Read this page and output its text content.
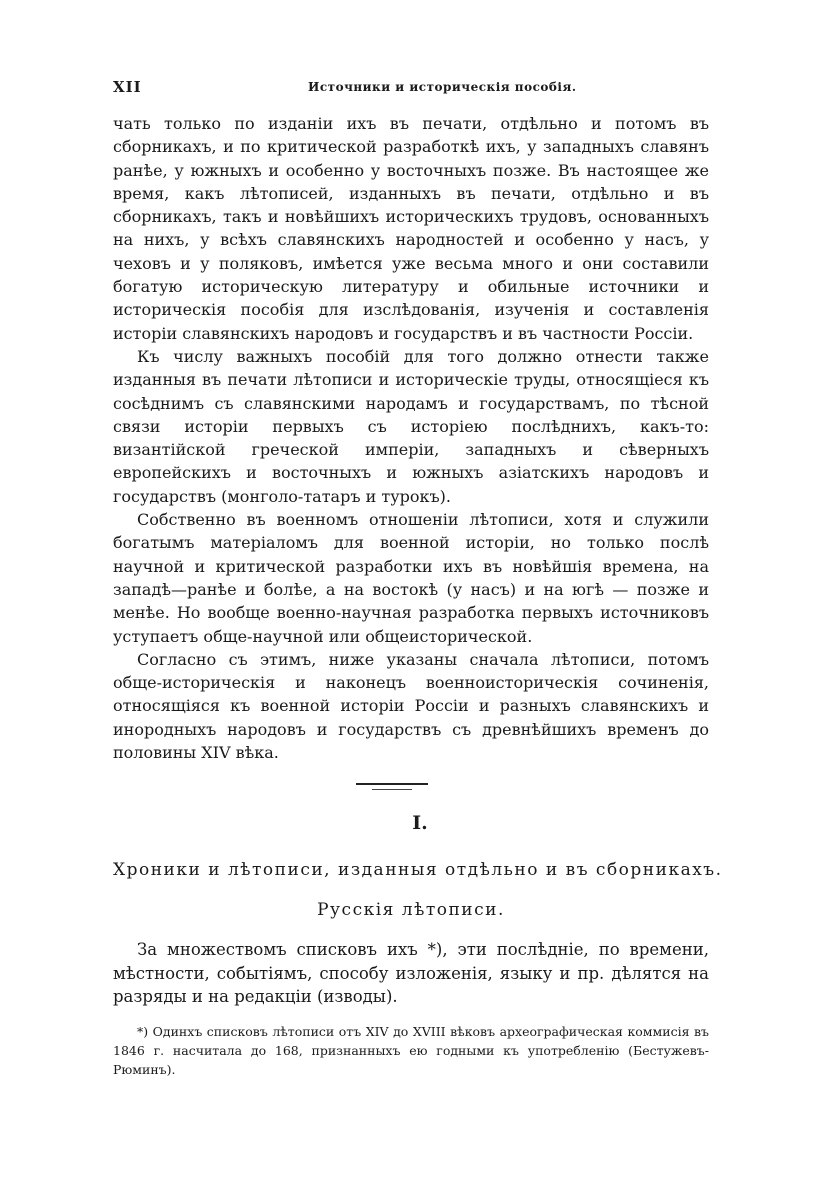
XII	Источники и историческія пособія.

чать только по изданіи ихъ въ печати, отдѣльно и потомъ въ сборникахъ, и по критической разработкѣ ихъ, у западныхъ славянъ ранѣе, у южныхъ и особенно у восточныхъ позже. Въ настоящее же время, какъ лѣтописей, изданныхъ въ печати, отдѣльно и въ сборникахъ, такъ и новѣйшихъ историческихъ трудовъ, основанныхъ на нихъ, у всѣхъ славянскихъ народностей и особенно у насъ, у чеховъ и у поляковъ, имѣется уже весьма много и они составили богатую историческую литературу и обильные источники и историческія пособія для изслѣдованія, изученія и составленія исторіи славянскихъ народовъ и государствъ и въ частности Россіи.

Къ числу важныхъ пособій для того должно отнести также изданныя въ печати лѣтописи и историческіе труды, относящіеся къ сосѣднимъ съ славянскими народамъ и государствамъ, по тѣсной связи исторіи первыхъ съ исторіею послѣднихъ, какъ-то: византійской греческой имперіи, западныхъ и сѣверныхъ европейскихъ и восточныхъ и южныхъ азіатскихъ народовъ и государствъ (монголо-татаръ и турокъ).

Собственно въ военномъ отношеніи лѣтописи, хотя и служили богатымъ матеріаломъ для военной исторіи, но только послѣ научной и критической разработки ихъ въ новѣйшія времена, на западѣ—ранѣе и болѣе, а на востокѣ (у насъ) и на югѣ — позже и менѣе. Но вообще военно-научная разработка первыхъ источниковъ уступаетъ обще-научной или общеисторической.

Согласно съ этимъ, ниже указаны сначала лѣтописи, потомъ обще-историческія и наконецъ военноисторическія сочиненія, относящіяся къ военной исторіи Россіи и разныхъ славянскихъ и инородныхъ народовъ и государствъ съ древнѣйшихъ временъ до половины XIV вѣка.

I.
Хроники и лѣтописи, изданныя отдѣльно и въ сборникахъ.
Русскія лѣтописи.

За множествомъ списковъ ихъ *), эти послѣдніе, по времени, мѣстности, событіямъ, способу изложенія, языку и пр. дѣлятся на разряды и на редакціи (изводы).

*) Одинхъ списковъ лѣтописи отъ XIV до XVIII вѣковъ археографическая коммисія въ 1846 г. насчитала до 168, признанныхъ ею годными къ употребленію (Бестужевъ-Рюминъ).
